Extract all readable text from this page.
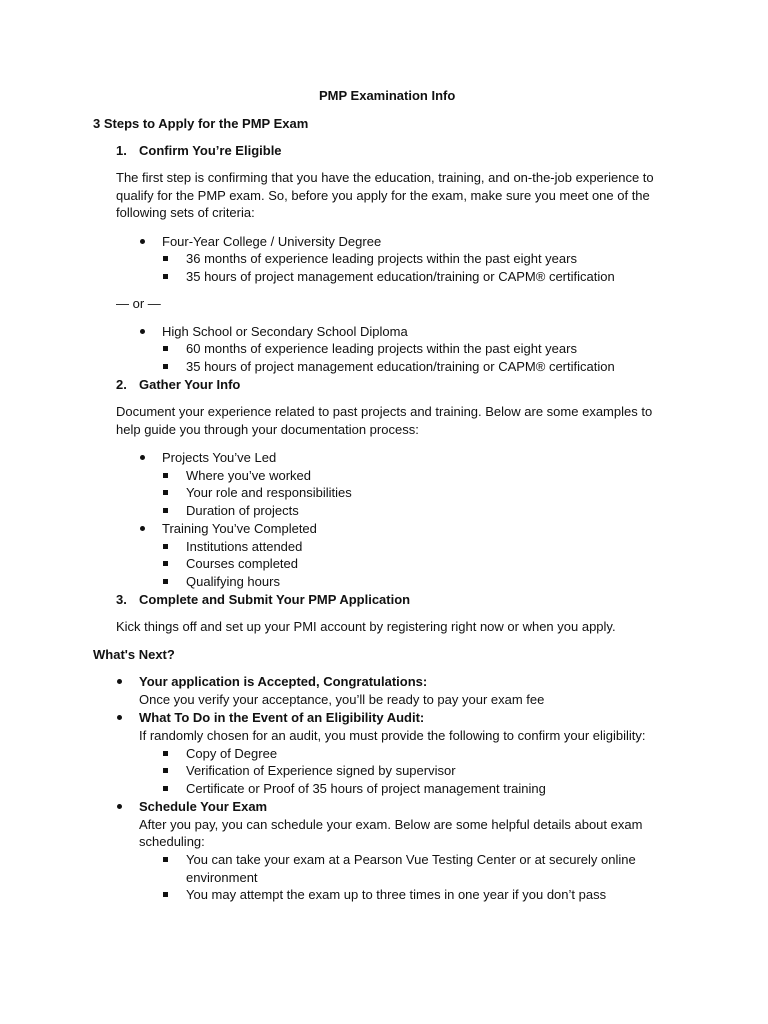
PMP Examination Info
3 Steps to Apply for the PMP Exam
1. Confirm You’re Eligible
The first step is confirming that you have the education, training, and on-the-job experience to
qualify for the PMP exam. So, before you apply for the exam, make sure you meet one of the
following sets of criteria:
Four-Year College / University Degree
36 months of experience leading projects within the past eight years
35 hours of project management education/training or CAPM® certification
— or —
High School or Secondary School Diploma
60 months of experience leading projects within the past eight years
35 hours of project management education/training or CAPM® certification
2. Gather Your Info
Document your experience related to past projects and training. Below are some examples to
help guide you through your documentation process:
Projects You’ve Led
Where you’ve worked
Your role and responsibilities
Duration of projects
Training You’ve Completed
Institutions attended
Courses completed
Qualifying hours
3. Complete and Submit Your PMP Application
Kick things off and set up your PMI account by registering right now or when you apply.
What's Next?
Your application is Accepted, Congratulations:
Once you verify your acceptance, you’ll be ready to pay your exam fee
What To Do in the Event of an Eligibility Audit:
If randomly chosen for an audit, you must provide the following to confirm your eligibility:
Copy of Degree
Verification of Experience signed by supervisor
Certificate or Proof of 35 hours of project management training
Schedule Your Exam
After you pay, you can schedule your exam. Below are some helpful details about exam
scheduling:
You can take your exam at a Pearson Vue Testing Center or at securely online
environment
You may attempt the exam up to three times in one year if you don’t pass
